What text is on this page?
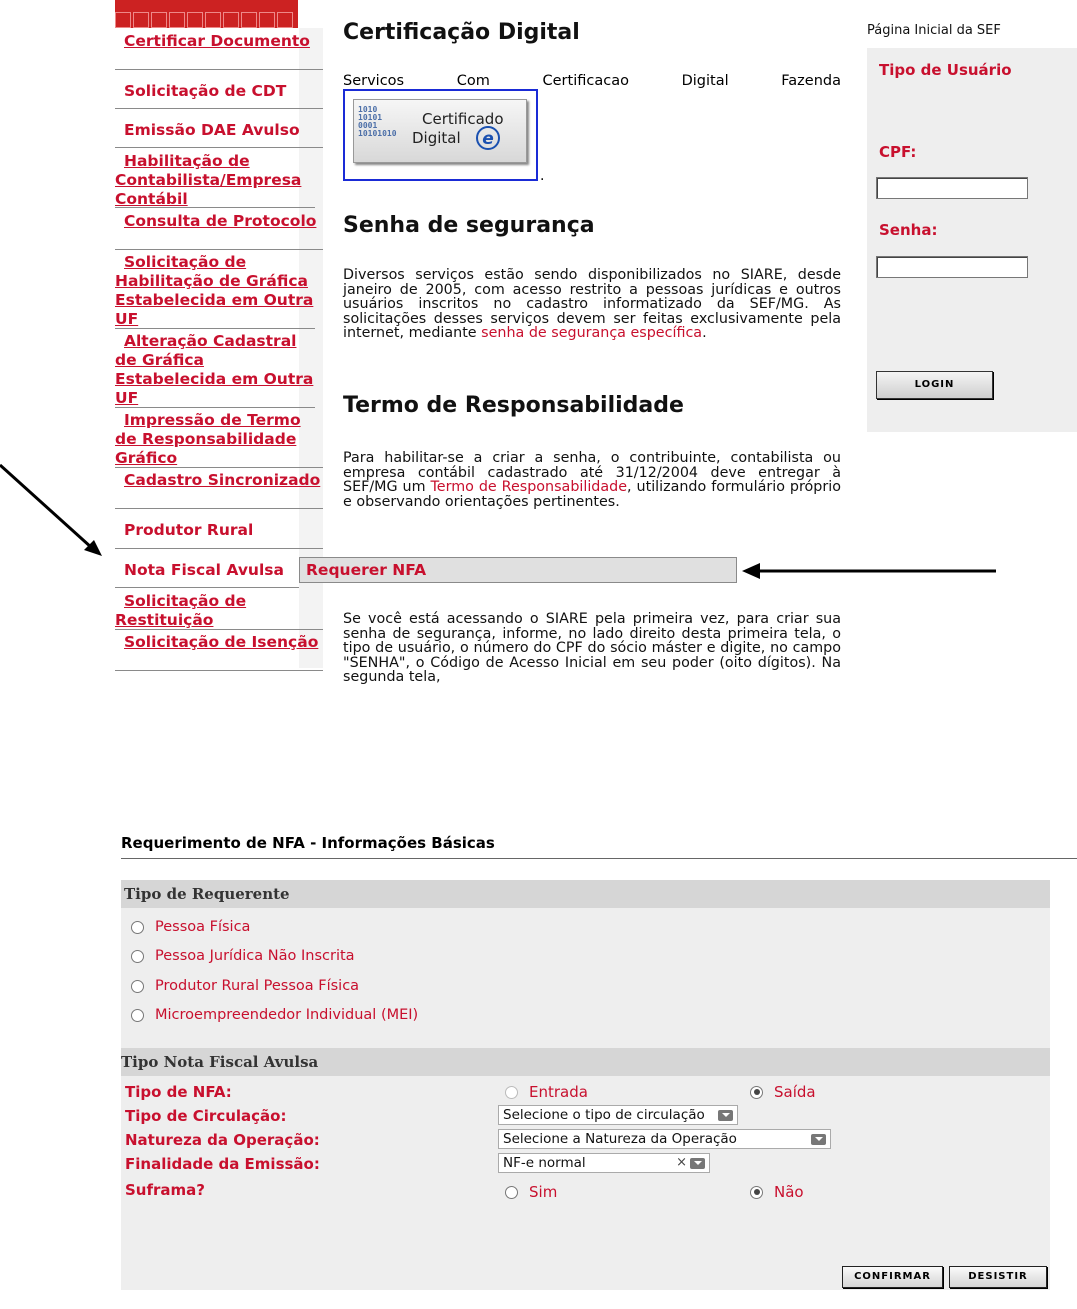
Certificar Documento
Solicitação de CDT
Emissão DAE Avulso
Habilitação de Contabilista/Empresa Contábil
Consulta de Protocolo
Solicitação de Habilitação de Gráfica Estabelecida em Outra UF
Alteração Cadastral de Gráfica Estabelecida em Outra UF
Impressão de Termo de Responsabilidade Gráfico
Cadastro Sincronizado
Produtor Rural
Nota Fiscal Avulsa
Solicitação de Restituição
Solicitação de Isenção
Requerer NFA
Certificação Digital
Servicos	Com	Certificacao	Digital	Fazenda
1010
10101
0001
10101010
Certificado
Digital	e
.
Senha de segurança
Diversos serviços estão sendo disponibilizados no SIARE, desde janeiro de 2005, com acesso restrito a pessoas jurídicas e outros usuários inscritos no cadastro informatizado da SEF/MG. As solicitações desses serviços devem ser feitas exclusivamente pela internet, mediante senha de segurança específica.
Termo de Responsabilidade
Para habilitar-se a criar a senha, o contribuinte, contabilista ou empresa contábil cadastrado até 31/12/2004 deve entregar à SEF/MG um Termo de Responsabilidade, utilizando formulário próprio e observando orientações pertinentes.
Se você está acessando o SIARE pela primeira vez, para criar sua senha de segurança, informe, no lado direito desta primeira tela, o tipo de usuário, o número do CPF do sócio máster e digite, no campo "SENHA", o Código de Acesso Inicial em seu poder (oito dígitos). Na segunda tela,
Página Inicial da SEF
Tipo de Usuário
CPF:
Senha:
LOGIN
Requerimento de NFA - Informações Básicas
Tipo de Requerente
Pessoa Física
Pessoa Jurídica Não Inscrita
Produtor Rural Pessoa Física
Microempreendedor Individual (MEI)
Tipo Nota Fiscal Avulsa
Tipo de NFA:	Entrada	Saída
Tipo de Circulação:	Selecione o tipo de circulação
Natureza da Operação:	Selecione a Natureza da Operação
Finalidade da Emissão:	NF-e normal	×
Suframa?	Sim	Não
CONFIRMAR	DESISTIR
